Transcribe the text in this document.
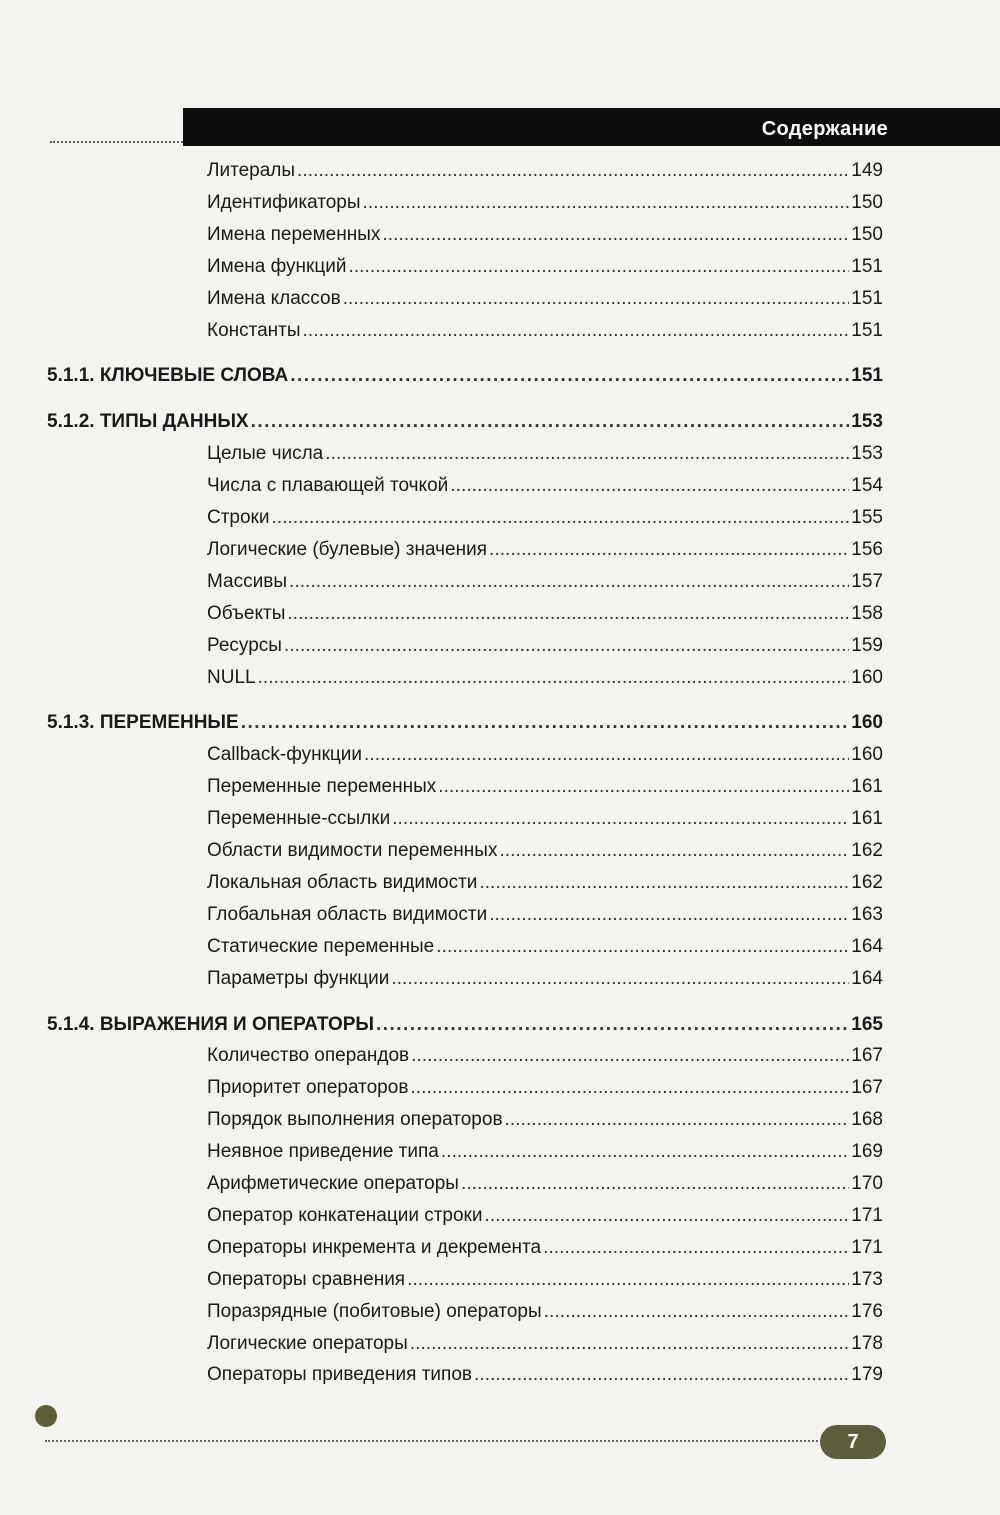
Содержание
Литералы . . .	149
Идентификаторы . . .	150
Имена переменных . . .	150
Имена функций . . .	151
Имена классов . . .	151
Константы . . .	151
5.1.1. КЛЮЧЕВЫЕ СЛОВА . . .	151
5.1.2. ТИПЫ ДАННЫХ . . .	153
Целые числа . . .	153
Числа с плавающей точкой . . .	154
Строки . . .	155
Логические (булевые) значения . . .	156
Массивы . . .	157
Объекты . . .	158
Ресурсы . . .	159
NULL . . .	160
5.1.3. ПЕРЕМЕННЫЕ . . .	160
Callback-функции . . .	160
Переменные переменных . . .	161
Переменные-ссылки . . .	161
Области видимости переменных . . .	162
Локальная область видимости . . .	162
Глобальная область видимости . . .	163
Статические переменные . . .	164
Параметры функции . . .	164
5.1.4. ВЫРАЖЕНИЯ И ОПЕРАТОРЫ . . .	165
Количество операндов . . .	167
Приоритет операторов . . .	167
Порядок выполнения операторов . . .	168
Неявное приведение типа . . .	169
Арифметические операторы . . .	170
Оператор конкатенации строки . . .	171
Операторы инкремента и декремента . . .	171
Операторы сравнения . . .	173
Поразрядные (побитовые) операторы . . .	176
Логические операторы . . .	178
Операторы приведения типов . . .	179
7
